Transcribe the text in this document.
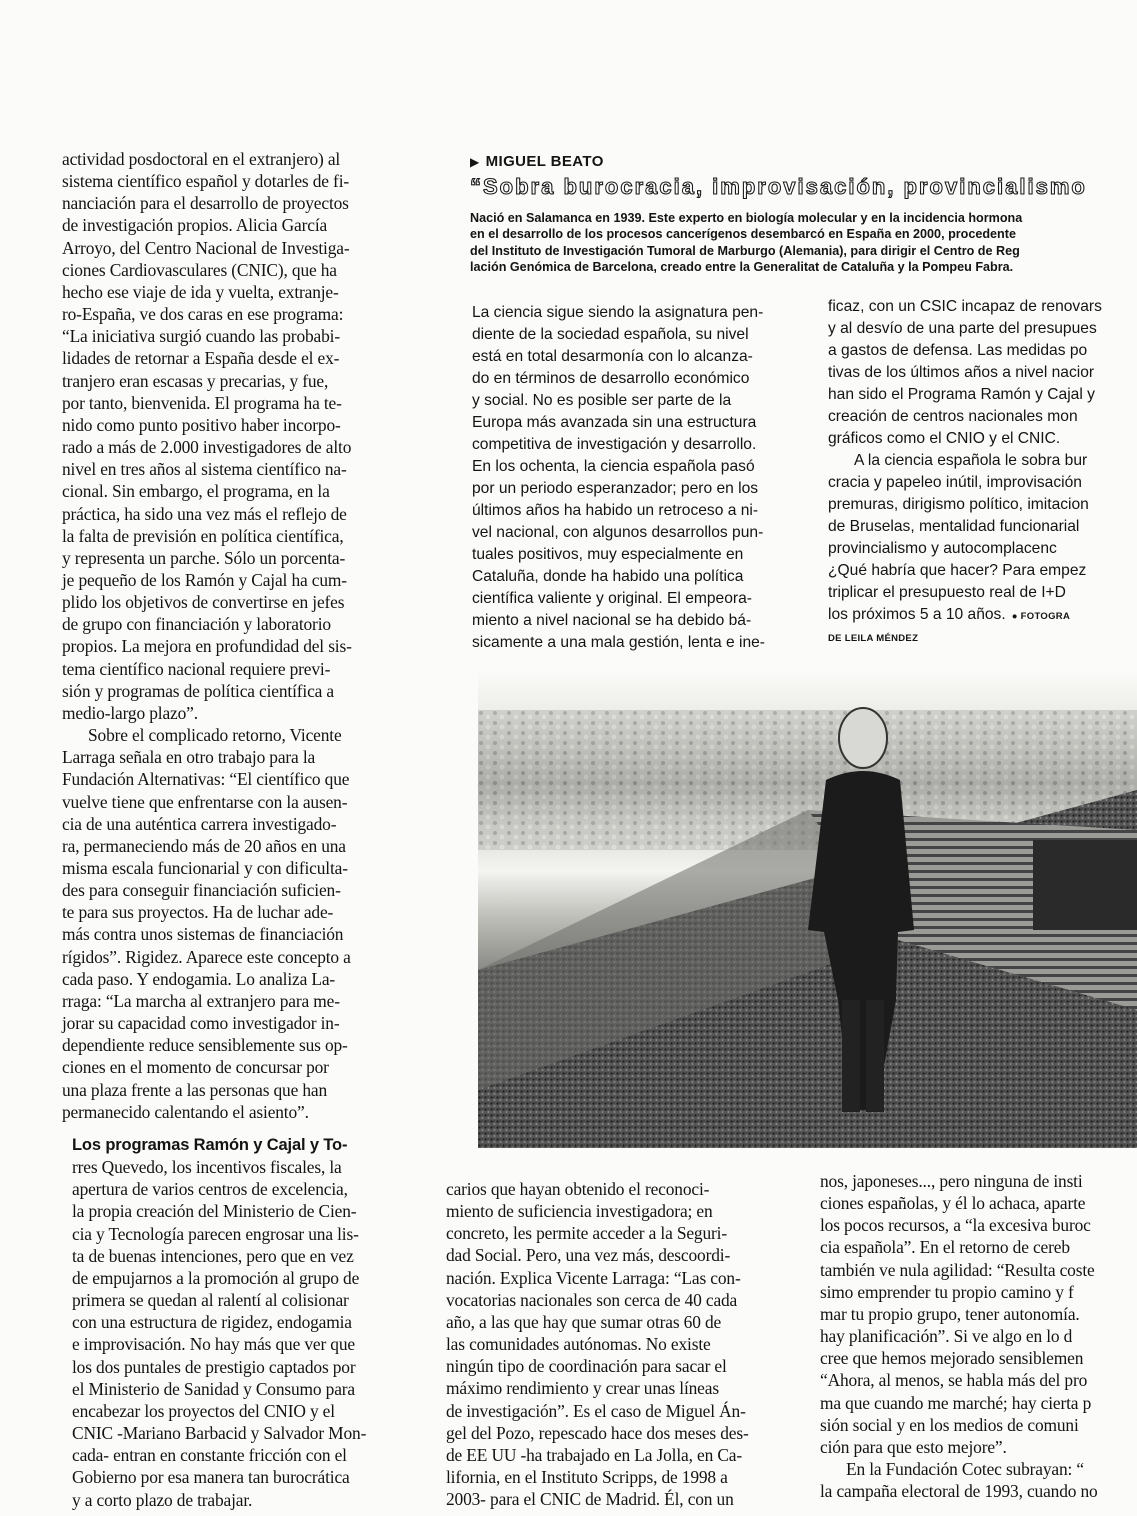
actividad posdoctoral en el extranjero) al
sistema científico español y dotarles de fi-
nanciación para el desarrollo de proyectos
de investigación propios. Alicia García
Arroyo, del Centro Nacional de Investiga-
ciones Cardiovasculares (CNIC), que ha
hecho ese viaje de ida y vuelta, extranje-
ro-España, ve dos caras en ese programa:
“La iniciativa surgió cuando las probabi-
lidades de retornar a España desde el ex-
tranjero eran escasas y precarias, y fue,
por tanto, bienvenida. El programa ha te-
nido como punto positivo haber incorpo-
rado a más de 2.000 investigadores de alto
nivel en tres años al sistema científico na-
cional. Sin embargo, el programa, en la
práctica, ha sido una vez más el reflejo de
la falta de previsión en política científica,
y representa un parche. Sólo un porcenta-
je pequeño de los Ramón y Cajal ha cum-
plido los objetivos de convertirse en jefes
de grupo con financiación y laboratorio
propios. La mejora en profundidad del sis-
tema científico nacional requiere previ-
sión y programas de política científica a
medio-largo plazo”.
Sobre el complicado retorno, Vicente
Larraga señala en otro trabajo para la
Fundación Alternativas: “El científico que
vuelve tiene que enfrentarse con la ausen-
cia de una auténtica carrera investigado-
ra, permaneciendo más de 20 años en una
misma escala funcionarial y con dificulta-
des para conseguir financiación suficien-
te para sus proyectos. Ha de luchar ade-
más contra unos sistemas de financiación
rígidos”. Rigidez. Aparece este concepto a
cada paso. Y endogamia. Lo analiza La-
rraga: “La marcha al extranjero para me-
jorar su capacidad como investigador in-
dependiente reduce sensiblemente sus op-
ciones en el momento de concursar por
una plaza frente a las personas que han
permanecido calentando el asiento”.
Los programas Ramón y Cajal y To-
rres Quevedo, los incentivos fiscales, la
apertura de varios centros de excelencia,
la propia creación del Ministerio de Cien-
cia y Tecnología parecen engrosar una lis-
ta de buenas intenciones, pero que en vez
de empujarnos a la promoción al grupo de
primera se quedan al ralentí al colisionar
con una estructura de rigidez, endogamia
e improvisación. No hay más que ver que
los dos puntales de prestigio captados por
el Ministerio de Sanidad y Consumo para
encabezar los proyectos del CNIO y el
CNIC -Mariano Barbacid y Salvador Mon-
cada- entran en constante fricción con el
Gobierno por esa manera tan burocrática
y a corto plazo de trabajar.
▶ MIGUEL BEATO
“Sobra burocracia, improvisación, provincialismo
Nació en Salamanca en 1939. Este experto en biología molecular y en la incidencia hormona
en el desarrollo de los procesos cancerígenos desembarcó en España en 2000, procedente
del Instituto de Investigación Tumoral de Marburgo (Alemania), para dirigir el Centro de Reg
lación Genómica de Barcelona, creado entre la Generalitat de Cataluña y la Pompeu Fabra.
La ciencia sigue siendo la asignatura pen-
diente de la sociedad española, su nivel
está en total desarmonía con lo alcanza-
do en términos de desarrollo económico
y social. No es posible ser parte de la
Europa más avanzada sin una estructura
competitiva de investigación y desarrollo.
En los ochenta, la ciencia española pasó
por un periodo esperanzador; pero en los
últimos años ha habido un retroceso a ni-
vel nacional, con algunos desarrollos pun-
tuales positivos, muy especialmente en
Cataluña, donde ha habido una política
científica valiente y original. El empeora-
miento a nivel nacional se ha debido bá-
sicamente a una mala gestión, lenta e ine-
ficaz, con un CSIC incapaz de renovars
y al desvío de una parte del presupues
a gastos de defensa. Las medidas po
tivas de los últimos años a nivel nacior
han sido el Programa Ramón y Cajal y
creación de centros nacionales mon
gráficos como el CNIO y el CNIC.
A la ciencia española le sobra bur
cracia y papeleo inútil, improvisación
premuras, dirigismo político, imitacion
de Bruselas, mentalidad funcionarial
provincialismo y autocomplacenc
¿Qué habría que hacer? Para empez
triplicar el presupuesto real de I+D
los próximos 5 a 10 años. ● FOTOGRA
DE LEILA MÉNDEZ
carios que hayan obtenido el reconoci-
miento de suficiencia investigadora; en
concreto, les permite acceder a la Seguri-
dad Social. Pero, una vez más, descoordi-
nación. Explica Vicente Larraga: “Las con-
vocatorias nacionales son cerca de 40 cada
año, a las que hay que sumar otras 60 de
las comunidades autónomas. No existe
ningún tipo de coordinación para sacar el
máximo rendimiento y crear unas líneas
de investigación”. Es el caso de Miguel Án-
gel del Pozo, repescado hace dos meses des-
de EE UU -ha trabajado en La Jolla, en Ca-
lifornia, en el Instituto Scripps, de 1998 a
2003- para el CNIC de Madrid. Él, con un
nos, japoneses..., pero ninguna de insti
ciones españolas, y él lo achaca, aparte
los pocos recursos, a “la excesiva buroc
cia española”. En el retorno de cereb
también ve nula agilidad: “Resulta coste
simo emprender tu propio camino y f
mar tu propio grupo, tener autonomía.
hay planificación”. Si ve algo en lo d
cree que hemos mejorado sensiblemen
“Ahora, al menos, se habla más del pro
ma que cuando me marché; hay cierta p
sión social y en los medios de comuni
ción para que esto mejore”.
En la Fundación Cotec subrayan: “
la campaña electoral de 1993, cuando no
